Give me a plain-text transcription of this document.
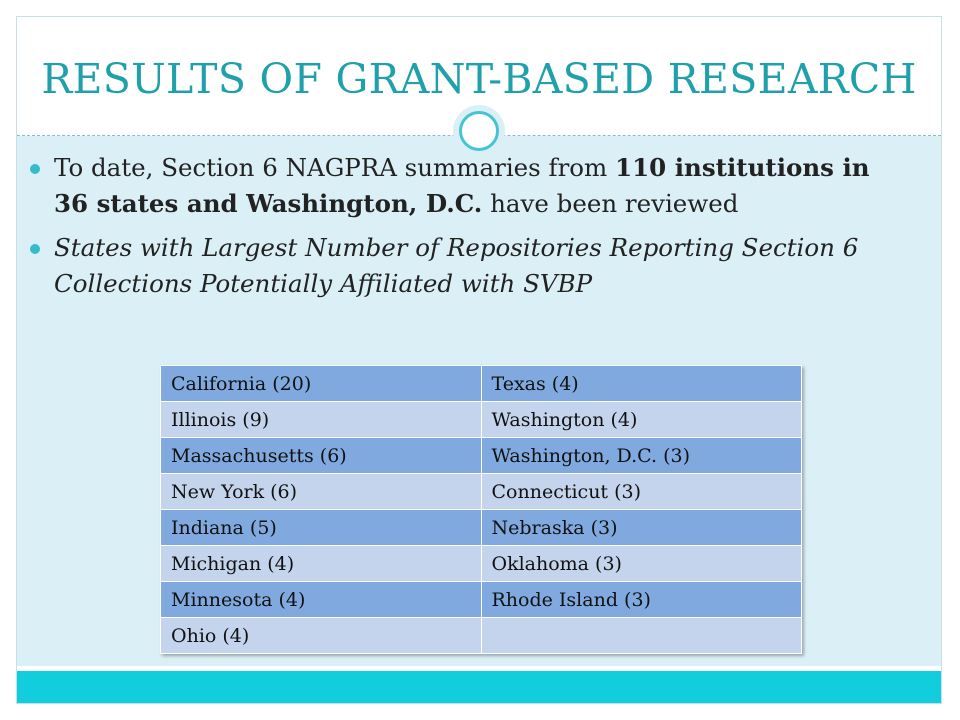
RESULTS OF GRANT-BASED RESEARCH
To date, Section 6 NAGPRA summaries from 110 institutions in 36 states and Washington, D.C. have been reviewed
States with Largest Number of Repositories Reporting Section 6 Collections Potentially Affiliated with SVBP
California (20)	Texas (4)
Illinois (9)	Washington (4)
Massachusetts (6)	Washington, D.C. (3)
New York (6)	Connecticut (3)
Indiana (5)	Nebraska (3)
Michigan (4)	Oklahoma (3)
Minnesota (4)	Rhode Island (3)
Ohio (4)	
